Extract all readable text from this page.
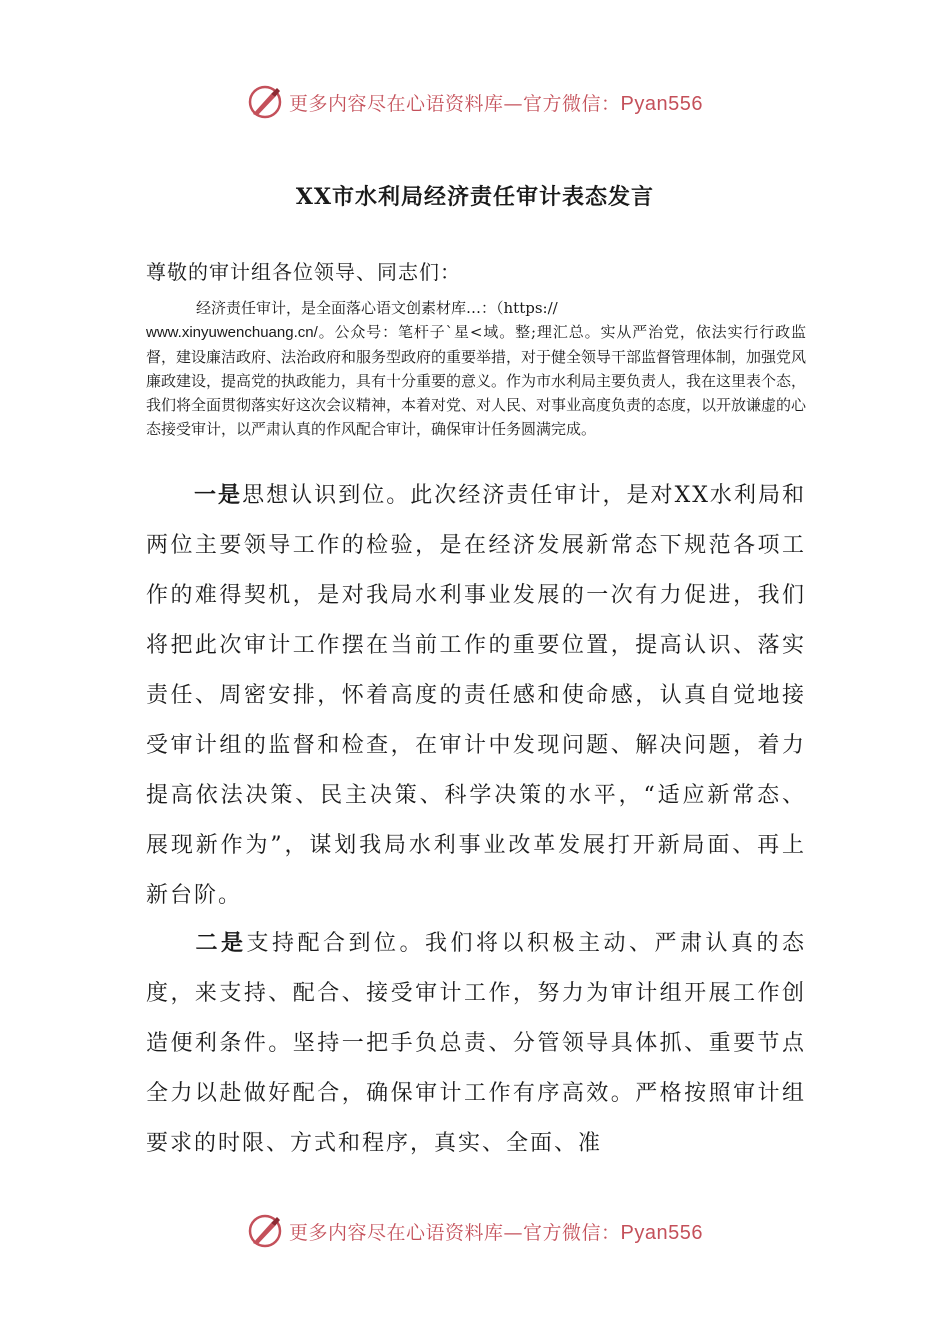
更多内容尽在心语资料库—官方微信：Pyan556
XX市水利局经济责任审计表态发言
尊敬的审计组各位领导、同志们：
经济责任审计，是全面落心语文创素材库…：（https://
www.xinyuwenchuang.cn/。公众号：笔杆子`星<域。整;理汇总。实从严治党，依法实行行政监督，建设廉洁政府、法治政府和服务型政府的重要举措，对于健全领导干部监督管理体制，加强党风廉政建设，提高党的执政能力，具有十分重要的意义。作为市水利局主要负责人，我在这里表个态，我们将全面贯彻落实好这次会议精神，本着对党、对人民、对事业高度负责的态度，以开放谦虚的心态接受审计，以严肃认真的作风配合审计，确保审计任务圆满完成。
一是思想认识到位。此次经济责任审计，是对XX水利局和两位主要领导工作的检验，是在经济发展新常态下规范各项工作的难得契机，是对我局水利事业发展的一次有力促进，我们将把此次审计工作摆在当前工作的重要位置，提高认识、落实责任、周密安排，怀着高度的责任感和使命感，认真自觉地接受审计组的监督和检查，在审计中发现问题、解决问题，着力提高依法决策、民主决策、科学决策的水平，“适应新常态、展现新作为”，谋划我局水利事业改革发展打开新局面、再上新台阶。
二是支持配合到位。我们将以积极主动、严肃认真的态度，来支持、配合、接受审计工作，努力为审计组开展工作创造便利条件。坚持一把手负总责、分管领导具体抓、重要节点全力以赴做好配合，确保审计工作有序高效。严格按照审计组要求的时限、方式和程序，真实、全面、准
更多内容尽在心语资料库—官方微信：Pyan556
